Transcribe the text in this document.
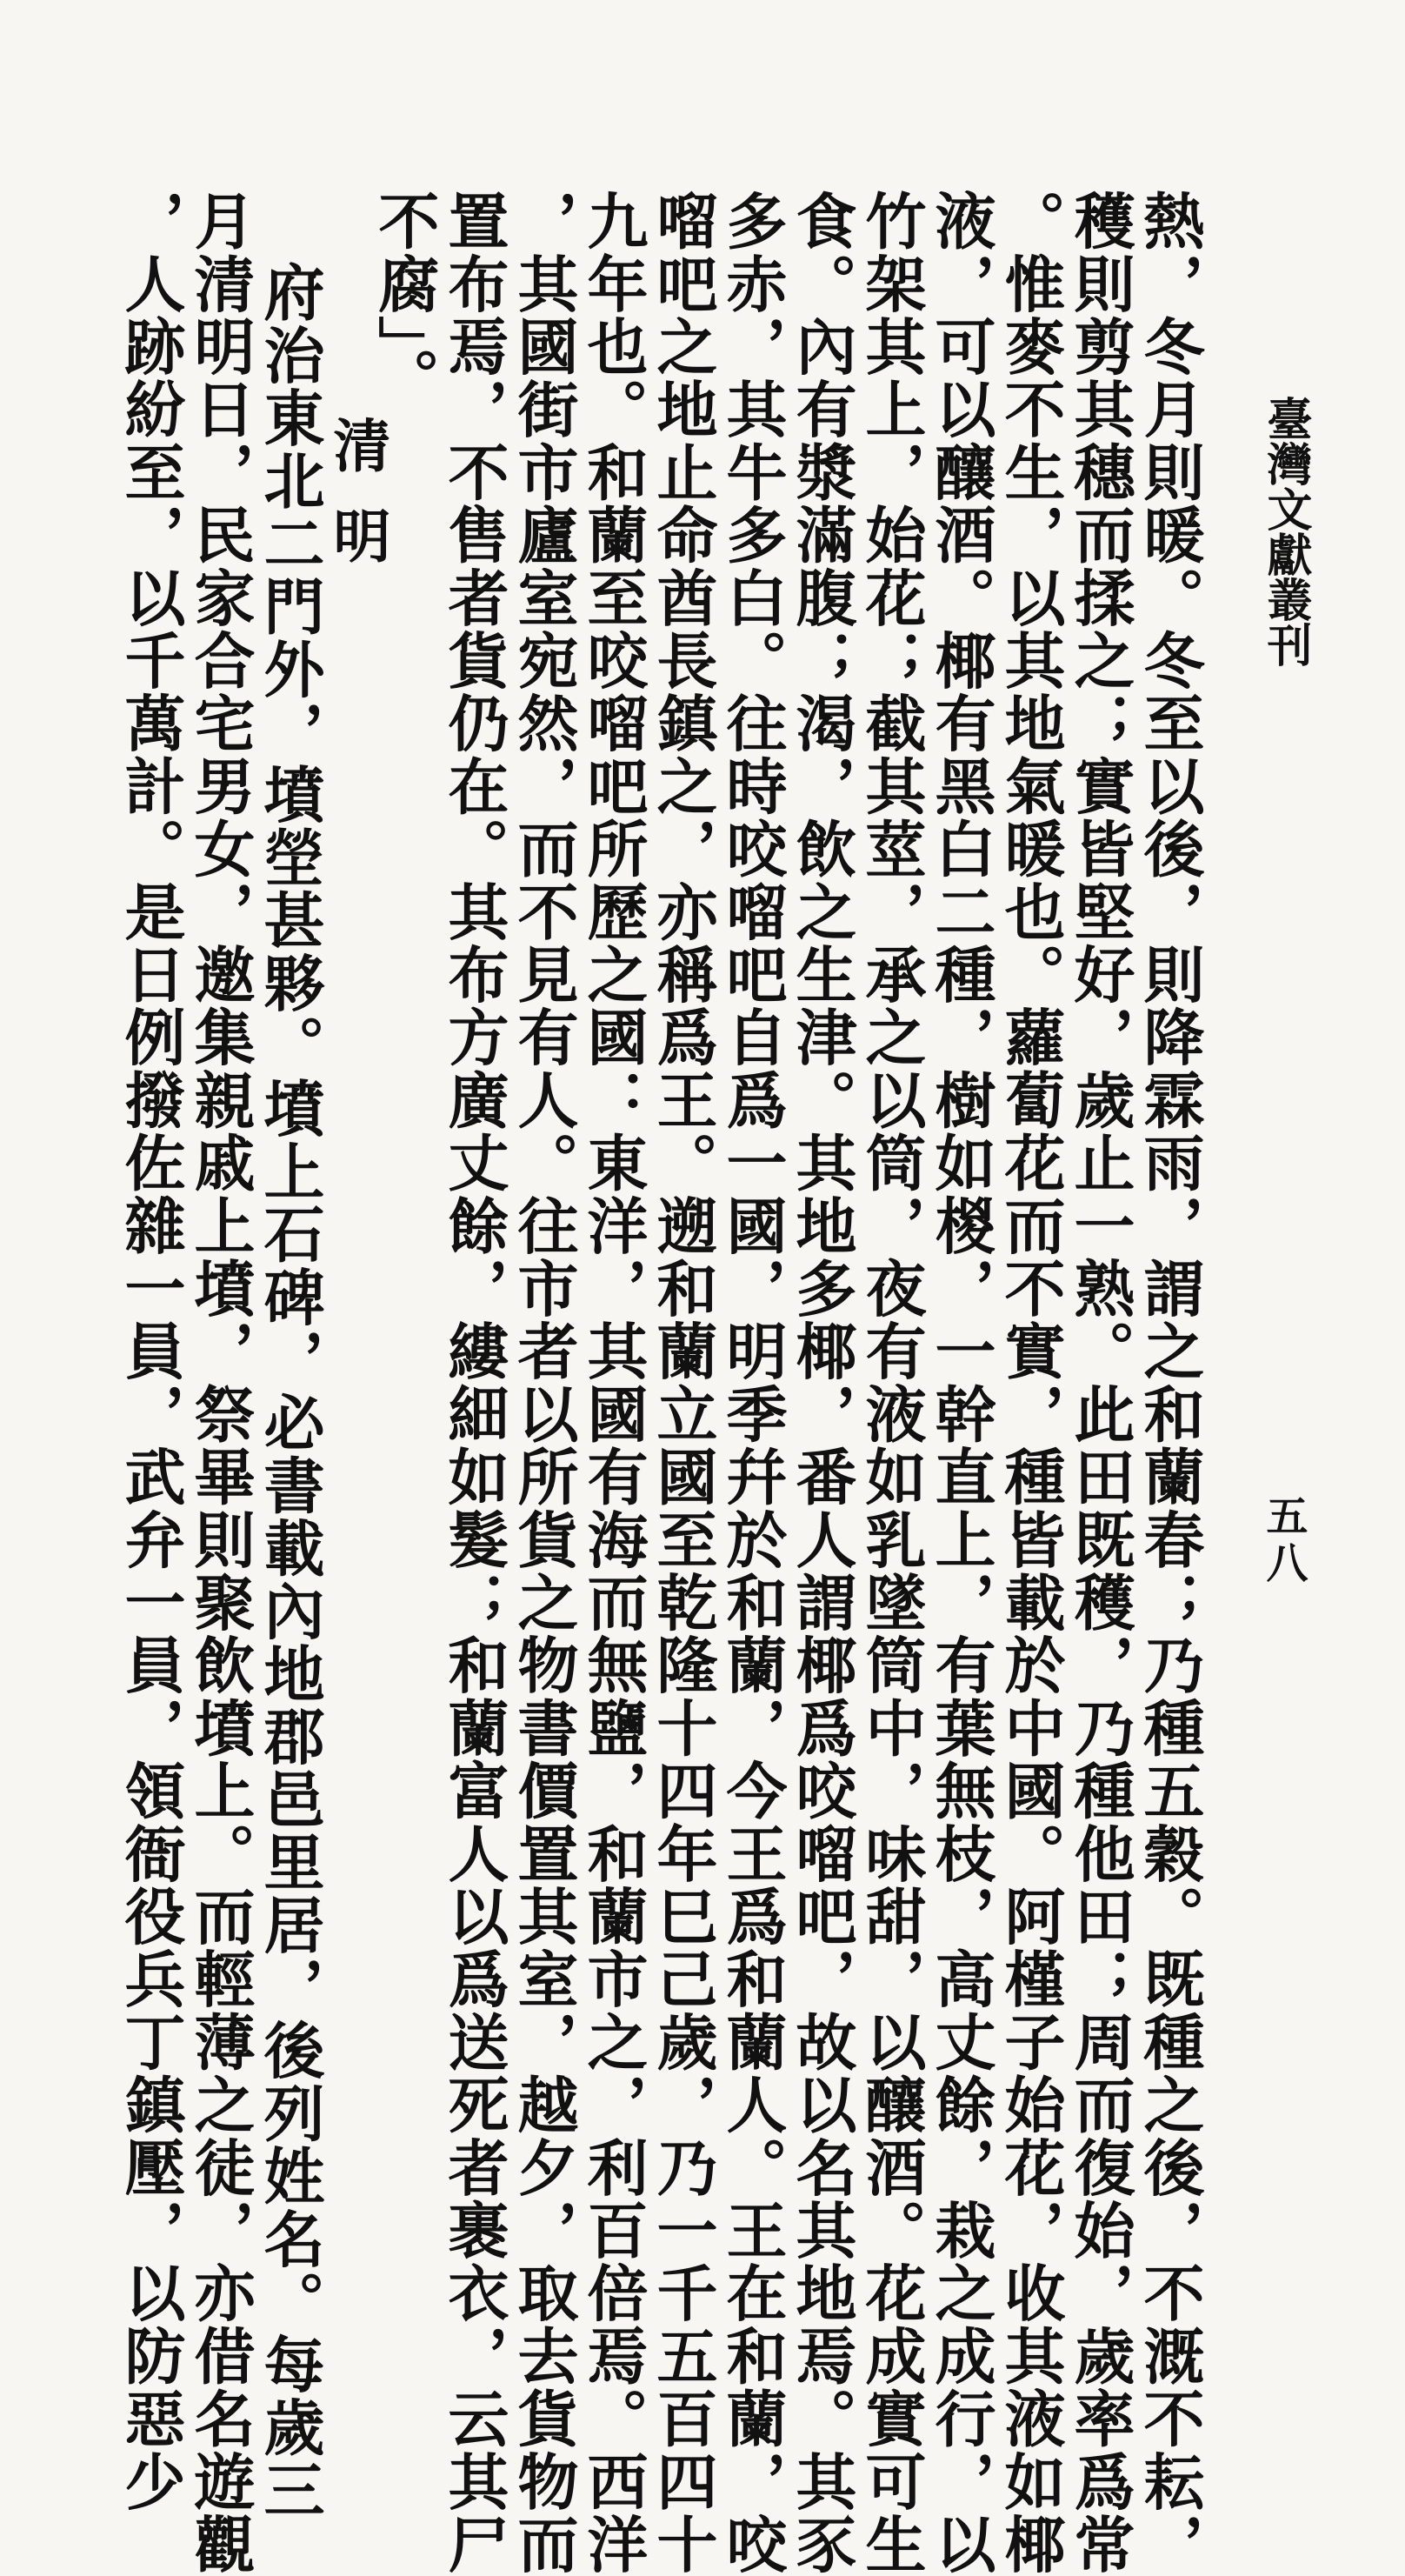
臺灣文獻叢刊
五八
熱，冬月則暖。冬至以後，則降霖雨，謂之和蘭春；乃種五穀。既種之後，不溉不耘，
穫則剪其穗而揉之；實皆堅好，歲止一熟。此田既穫，乃種他田；周而復始，歲率爲常
。惟麥不生，以其地氣暖也。蘿蔔花而不實，種皆載於中國。阿槿子始花，收其液如椰
液，可以釀酒。椰有黑白二種，樹如椶，一幹直上，有葉無枝，高丈餘，栽之成行，以
竹架其上，始花；截其莖，承之以筒，夜有液如乳墜筒中，味甜，以釀酒。花成實可生
食。內有漿滿腹；渴，飲之生津。其地多椰，番人謂椰爲咬𠺕吧，故以名其地焉。其豕
多赤，其牛多白。往時咬𠺕吧自爲一國，明季幷於和蘭，今王爲和蘭人。王在和蘭，咬
𠺕吧之地止命酋長鎮之，亦稱爲王。遡和蘭立國至乾隆十四年巳己歲，乃一千五百四十
九年也。和蘭至咬𠺕吧所歷之國：東洋，其國有海而無鹽，和蘭市之，利百倍焉。西洋
，其國街市廬室宛然，而不見有人。往市者以所貨之物書價置其室，越夕，取去貨物而
置布焉，不售者貨仍在。其布方廣丈餘，縷細如髮；和蘭富人以爲送死者裹衣，云其尸
不腐」。
清明
府治東北二門外，墳塋甚夥。墳上石碑，必書載內地郡邑里居，後列姓名。每歲三
月清明日，民家合宅男女，邀集親戚上墳，祭畢則聚飲墳上。而輕薄之徒，亦借名遊觀
，人跡紛至，以千萬計。是日例撥佐雜一員，武弁一員，領衙役兵丁鎮壓，以防惡少
